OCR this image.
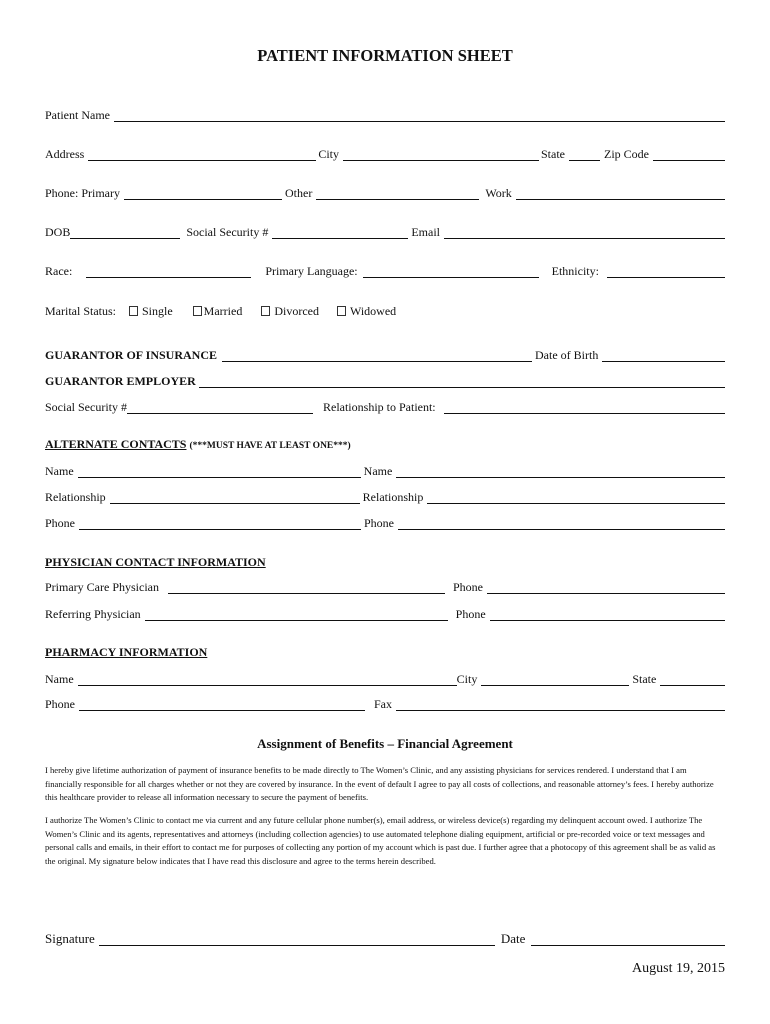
PATIENT INFORMATION SHEET
Patient Name
Address	City	State	Zip Code
Phone: Primary	Other	Work
DOB	Social Security #	Email
Race:	Primary Language:	Ethnicity:
Marital Status:	Single	Married	Divorced	Widowed
GUARANTOR OF INSURANCE	Date of Birth
GUARANTOR EMPLOYER
Social Security #	Relationship to Patient:
ALTERNATE CONTACTS (***MUST HAVE AT LEAST ONE***)
Name	Name
Relationship	Relationship
Phone	Phone
PHYSICIAN CONTACT INFORMATION
Primary Care Physician	Phone
Referring Physician	Phone
PHARMACY INFORMATION
Name	City	State
Phone	Fax
Assignment of Benefits – Financial Agreement
I hereby give lifetime authorization of payment of insurance benefits to be made directly to The Women’s Clinic, and any assisting physicians for services rendered. I understand that I am financially responsible for all charges whether or not they are covered by insurance. In the event of default I agree to pay all costs of collections, and reasonable attorney’s fees. I hereby authorize this healthcare provider to release all information necessary to secure the payment of benefits.
I authorize The Women’s Clinic to contact me via current and any future cellular phone number(s), email address, or wireless device(s) regarding my delinquent account owed. I authorize The Women’s Clinic and its agents, representatives and attorneys (including collection agencies) to use automated telephone dialing equipment, artificial or pre-recorded voice or text messages and personal calls and emails, in their effort to contact me for purposes of collecting any portion of my account which is past due. I further agree that a photocopy of this agreement shall be as valid as the original. My signature below indicates that I have read this disclosure and agree to the terms herein described.
Signature	Date
August 19, 2015
